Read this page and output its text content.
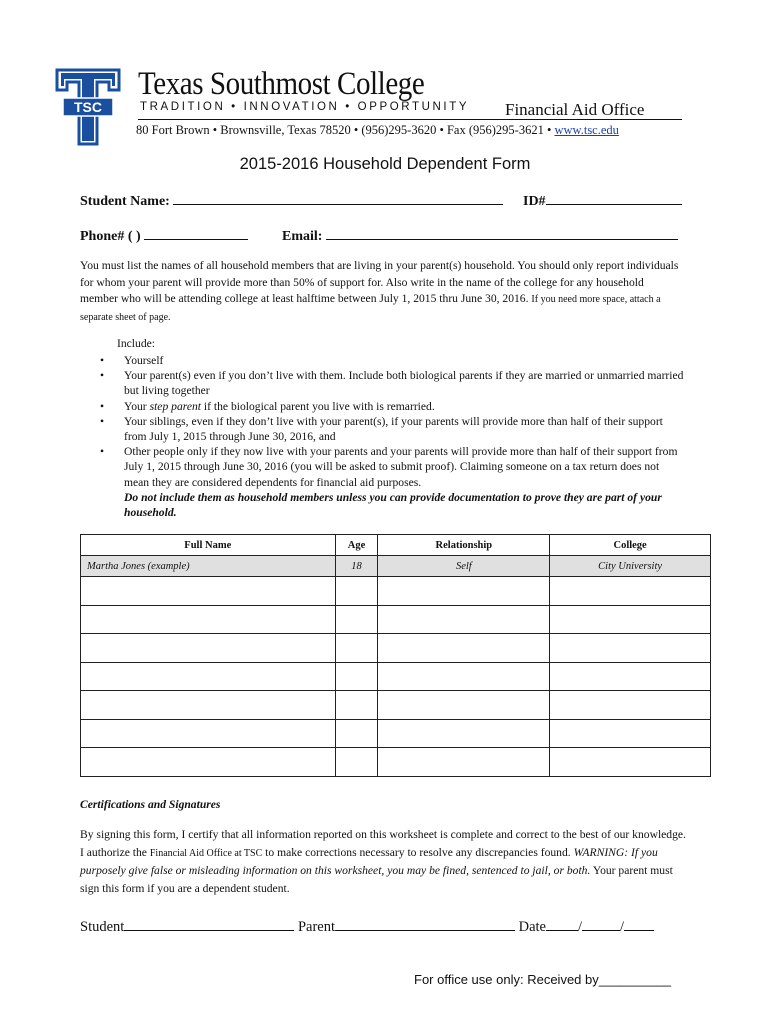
TSC
Texas Southmost College
TRADITION • INNOVATION • OPPORTUNITY Financial Aid Office
80 Fort Brown • Brownsville, Texas 78520 • (956)295-3620 • Fax (956)295-3621 • www.tsc.edu
2015-2016 Household Dependent Form
Student Name:	ID#
Phone# ( )	Email:
You must list the names of all household members that are living in your parent(s) household. You should only report individuals for whom your parent will provide more than 50% of support for. Also write in the name of the college for any household member who will be attending college at least halftime between July 1, 2015 thru June 30, 2016. If you need more space, attach a separate sheet of page.
Include:
• Yourself
• Your parent(s) even if you don’t live with them. Include both biological parents if they are married or unmarried married but living together
• Your step parent if the biological parent you live with is remarried.
• Your siblings, even if they don’t live with your parent(s), if your parents will provide more than half of their support from July 1, 2015 through June 30, 2016, and
• Other people only if they now live with your parents and your parents will provide more than half of their support from July 1, 2015 through June 30, 2016 (you will be asked to submit proof). Claiming someone on a tax return does not mean they are considered dependents for financial aid purposes.
Do not include them as household members unless you can provide documentation to prove they are part of your household.
Full Name	Age	Relationship	College
Martha Jones (example)	18	Self	City University

Certifications and Signatures
By signing this form, I certify that all information reported on this worksheet is complete and correct to the best of our knowledge. I authorize the Financial Aid Office at TSC to make corrections necessary to resolve any discrepancies found. WARNING: If you purposely give false or misleading information on this worksheet, you may be fined, sentenced to jail, or both. Your parent must sign this form if you are a dependent student.
Student	Parent	Date /	/
For office use only: Received by__________
